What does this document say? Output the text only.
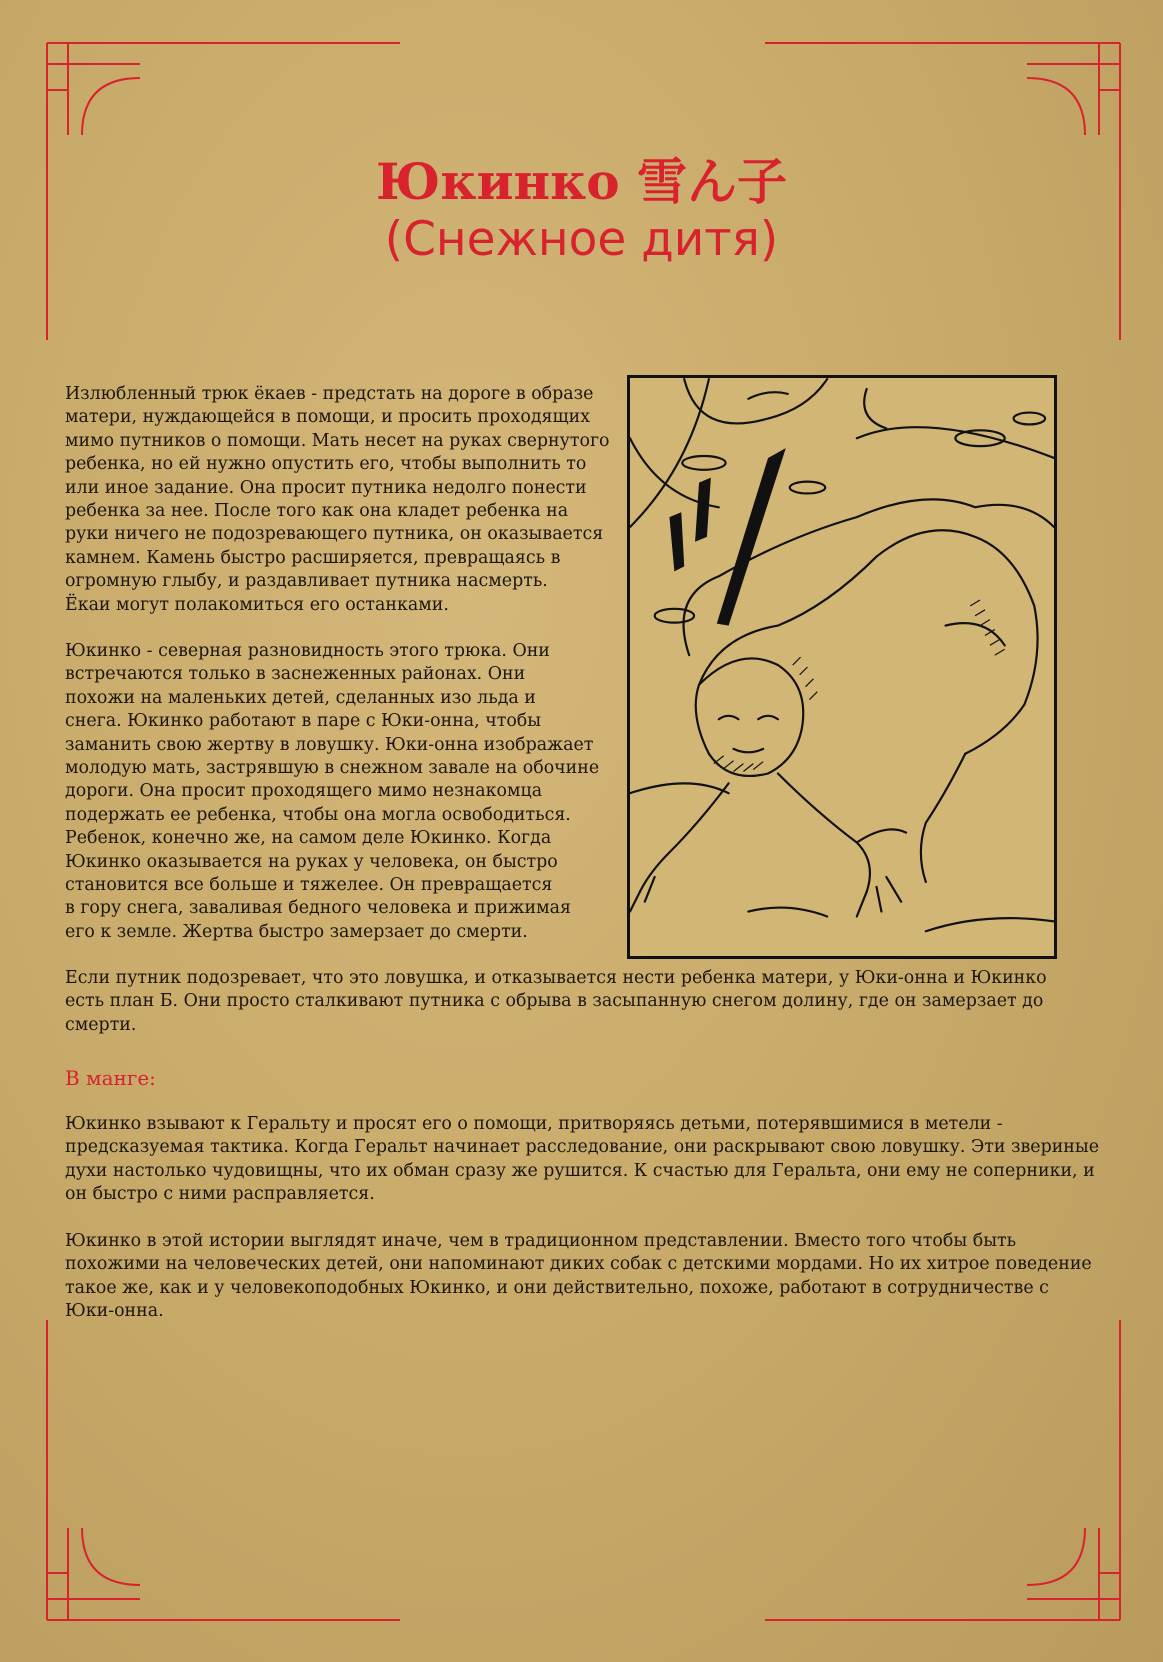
Юкинко 雪ん子
(Снежное дитя)

Излюбленный трюк ёкаев - предстать на дороге в образе
матери, нуждающейся в помощи, и просить проходящих
мимо путников о помощи. Мать несет на руках свернутого
ребенка, но ей нужно опустить его, чтобы выполнить то
или иное задание. Она просит путника недолго понести
ребенка за нее. После того как она кладет ребенка на
руки ничего не подозревающего путника, он оказывается
камнем. Камень быстро расширяется, превращаясь в
огромную глыбу, и раздавливает путника насмерть.
Ёкаи могут полакомиться его останками.

Юкинко - северная разновидность этого трюка. Они
встречаются только в заснеженных районах. Они
похожи на маленьких детей, сделанных изо льда и
снега. Юкинко работают в паре с Юки-онна, чтобы
заманить свою жертву в ловушку. Юки-онна изображает
молодую мать, застрявшую в снежном завале на обочине
дороги. Она просит проходящего мимо незнакомца
подержать ее ребенка, чтобы она могла освободиться.
Ребенок, конечно же, на самом деле Юкинко. Когда
Юкинко оказывается на руках у человека, он быстро
становится все больше и тяжелее. Он превращается
в гору снега, заваливая бедного человека и прижимая
его к земле. Жертва быстро замерзает до смерти.

Если путник подозревает, что это ловушка, и отказывается нести ребенка матери, у Юки-онна и Юкинко
есть план Б. Они просто сталкивают путника с обрыва в засыпанную снегом долину, где он замерзает до
смерти.

В манге:

Юкинко взывают к Геральту и просят его о помощи, притворяясь детьми, потерявшимися в метели -
предсказуемая тактика. Когда Геральт начинает расследование, они раскрывают свою ловушку. Эти звериные
духи настолько чудовищны, что их обман сразу же рушится. К счастью для Геральта, они ему не соперники, и
он быстро с ними расправляется.

Юкинко в этой истории выглядят иначе, чем в традиционном представлении. Вместо того чтобы быть
похожими на человеческих детей, они напоминают диких собак с детскими мордами. Но их хитрое поведение
такое же, как и у человекоподобных Юкинко, и они действительно, похоже, работают в сотрудничестве с
Юки-онна.
